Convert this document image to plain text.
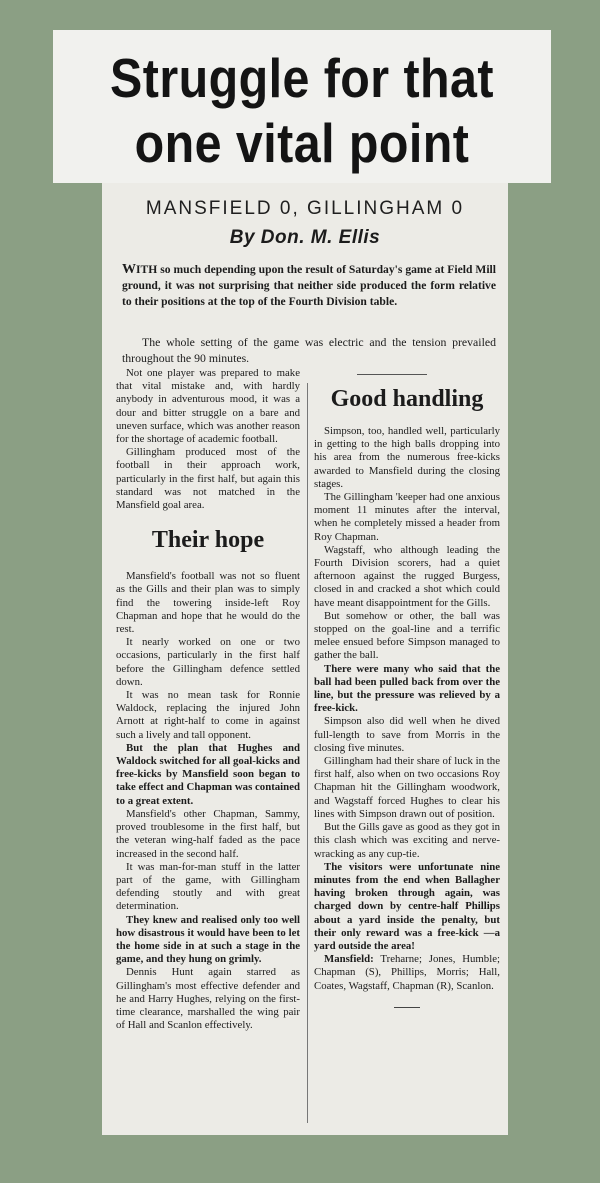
Struggle for that
one vital point
MANSFIELD 0, GILLINGHAM 0
By Don. M. Ellis
WITH so much depending upon the result of Saturday's game at Field Mill ground, it was not surprising that neither side produced the form relative to their positions at the top of the Fourth Division table.
The whole setting of the game was electric and the tension prevailed throughout the 90 minutes.

Not one player was prepared to make that vital mistake and, with hardly anybody in adventurous mood, it was a dour and bitter struggle on a bare and uneven surface, which was another reason for the shortage of academic football.

Gillingham produced most of the football in their approach work, particularly in the first half, but again this standard was not matched in the Mansfield goal area.

Their hope

Mansfield's football was not so fluent as the Gills and their plan was to simply find the towering inside-left Roy Chapman and hope that he would do the rest.

It nearly worked on one or two occasions, particularly in the first half before the Gillingham defence settled down.

It was no mean task for Ronnie Waldock, replacing the injured John Arnott at right-half to come in against such a lively and tall opponent.

But the plan that Hughes and Waldock switched for all goal-kicks and free-kicks by Mansfield soon began to take effect and Chapman was contained to a great extent.

Mansfield's other Chapman, Sammy, proved troublesome in the first half, but the veteran wing-half faded as the pace increased in the second half.

It was man-for-man stuff in the latter part of the game, with Gillingham defending stoutly and with great determination.

They knew and realised only too well how disastrous it would have been to let the home side in at such a stage in the game, and they hung on grimly.

Dennis Hunt again starred as Gillingham's most effective defender and he and Harry Hughes, relying on the first-time clearance, marshalled the wing pair of Hall and Scanlon effectively.

Good handling

Simpson, too, handled well, particularly in getting to the high balls dropping into his area from the numerous free-kicks awarded to Mansfield during the closing stages.

The Gillingham 'keeper had one anxious moment 11 minutes after the interval, when he completely missed a header from Roy Chapman.

Wagstaff, who although leading the Fourth Division scorers, had a quiet afternoon against the rugged Burgess, closed in and cracked a shot which could have meant disappointment for the Gills.

But somehow or other, the ball was stopped on the goal-line and a terrific melee ensued before Simpson managed to gather the ball.

There were many who said that the ball had been pulled back from over the line, but the pressure was relieved by a free-kick.

Simpson also did well when he dived full-length to save from Morris in the closing five minutes.

Gillingham had their share of luck in the first half, also when on two occasions Roy Chapman hit the Gillingham woodwork, and Wagstaff forced Hughes to clear his lines with Simpson drawn out of position.

But the Gills gave as good as they got in this clash which was exciting and nerve-wracking as any cup-tie.

The visitors were unfortunate nine minutes from the end when Ballagher having broken through again, was charged down by centre-half Phillips about a yard inside the penalty, but their only reward was a free-kick —a yard outside the area!

Mansfield: Treharne; Jones, Humble; Chapman (S), Phillips, Morris; Hall, Coates, Wagstaff, Chapman (R), Scanlon.
